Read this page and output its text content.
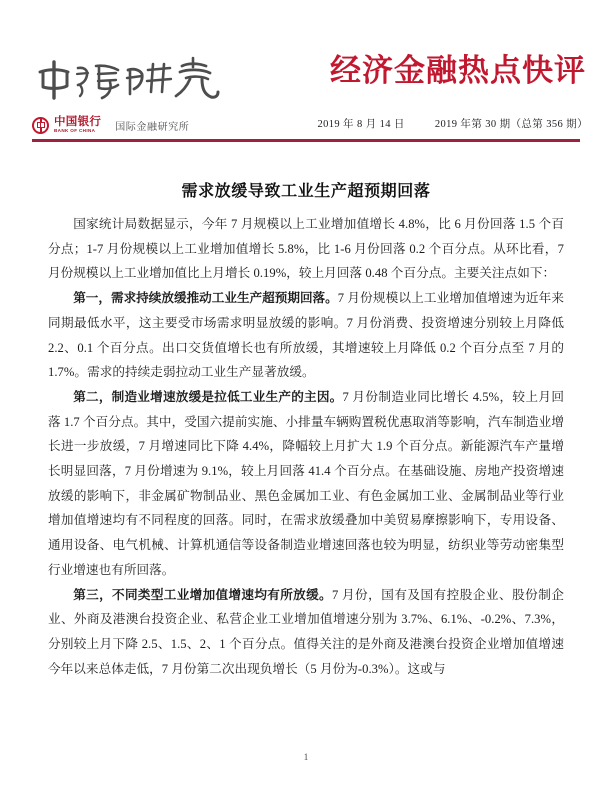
经济金融热点快评
中国银行
BANK OF CHINA	国际金融研究所	2019 年 8 月 14 日	2019 年第 30 期（总第 356 期）
需求放缓导致工业生产超预期回落

国家统计局数据显示，今年 7 月规模以上工业增加值增长 4.8%，比 6 月份回落 1.5 个百分点；1-7 月份规模以上工业增加值增长 5.8%，比 1-6 月份回落 0.2 个百分点。从环比看，7 月份规模以上工业增加值比上月增长 0.19%，较上月回落 0.48 个百分点。主要关注点如下：

第一，需求持续放缓推动工业生产超预期回落。7 月份规模以上工业增加值增速为近年来同期最低水平，这主要受市场需求明显放缓的影响。7 月份消费、投资增速分别较上月降低 2.2、0.1 个百分点。出口交货值增长也有所放缓，其增速较上月降低 0.2 个百分点至 7 月的 1.7%。需求的持续走弱拉动工业生产显著放缓。

第二，制造业增速放缓是拉低工业生产的主因。7 月份制造业同比增长 4.5%，较上月回落 1.7 个百分点。其中，受国六提前实施、小排量车辆购置税优惠取消等影响，汽车制造业增长进一步放缓，7 月增速同比下降 4.4%，降幅较上月扩大 1.9 个百分点。新能源汽车产量增长明显回落，7 月份增速为 9.1%，较上月回落 41.4 个百分点。在基础设施、房地产投资增速放缓的影响下，非金属矿物制品业、黑色金属加工业、有色金属加工业、金属制品业等行业增加值增速均有不同程度的回落。同时，在需求放缓叠加中美贸易摩擦影响下，专用设备、通用设备、电气机械、计算机通信等设备制造业增速回落也较为明显，纺织业等劳动密集型行业增速也有所回落。

第三，不同类型工业增加值增速均有所放缓。7 月份，国有及国有控股企业、股份制企业、外商及港澳台投资企业、私营企业工业增加值增速分别为 3.7%、6.1%、-0.2%、7.3%，分别较上月下降 2.5、1.5、2、1 个百分点。值得关注的是外商及港澳台投资企业增加值增速今年以来总体走低，7 月份第二次出现负增长（5 月份为-0.3%）。这或与

1
